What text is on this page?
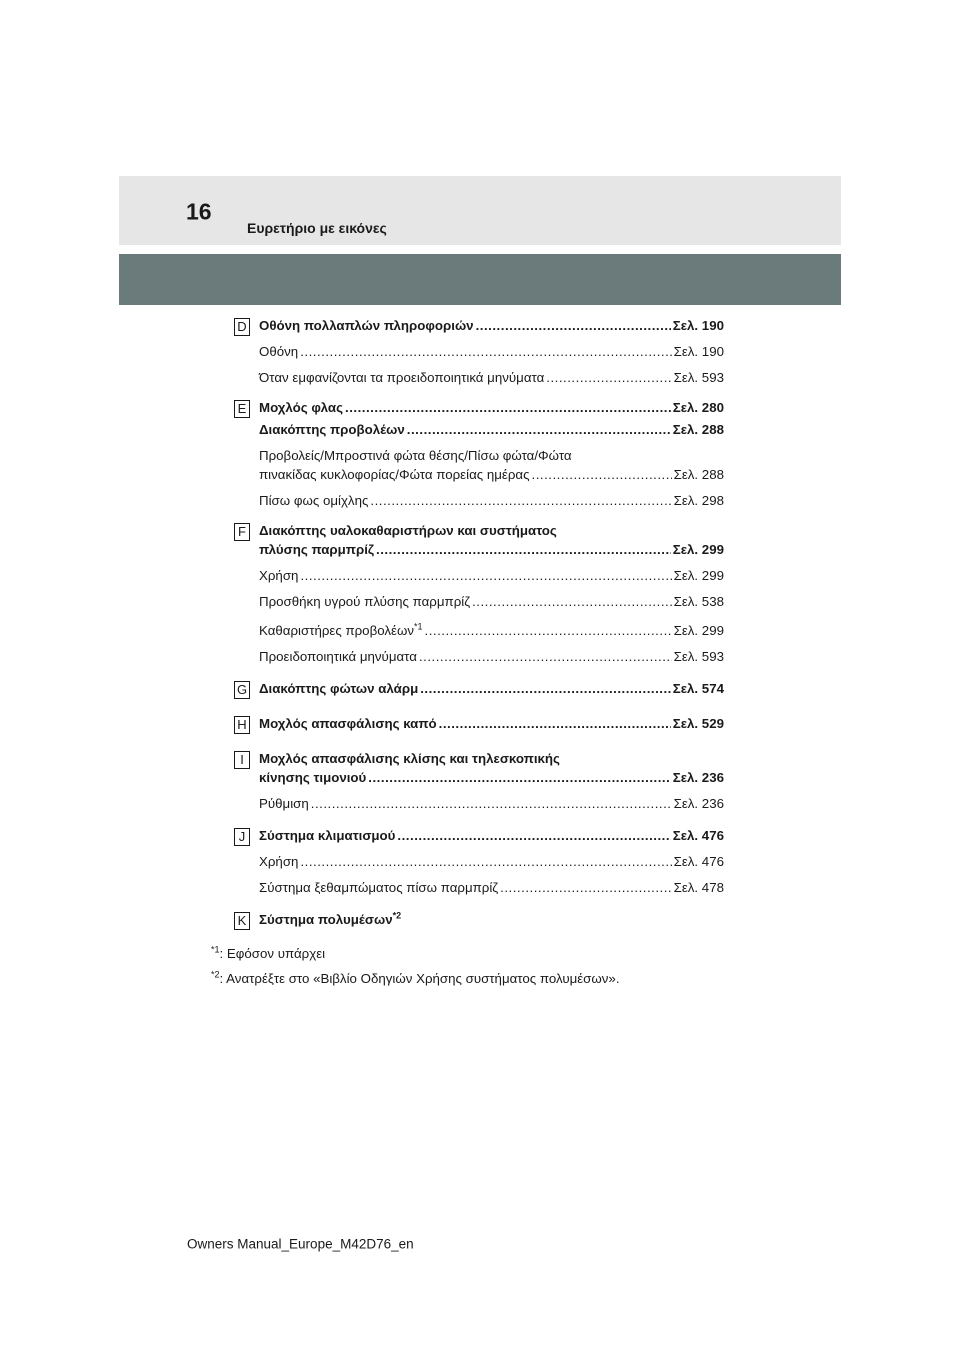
16
Ευρετήριο με εικόνες
D Οθόνη πολλαπλών πληροφοριών .....	Σελ. 190
Οθόνη .....	Σελ. 190
Όταν εμφανίζονται τα προειδοποιητικά μηνύματα .....	Σελ. 593
E Μοχλός φλας .....	Σελ. 280
Διακόπτης προβολέων .....	Σελ. 288
Προβολείς/Μπροστινά φώτα θέσης/Πίσω φώτα/Φώτα
πινακίδας κυκλοφορίας/Φώτα πορείας ημέρας .....	Σελ. 288
Πίσω φως ομίχλης .....	Σελ. 298
F Διακόπτης υαλοκαθαριστήρων και συστήματος
πλύσης παρμπρίζ .....	Σελ. 299
Χρήση .....	Σελ. 299
Προσθήκη υγρού πλύσης παρμπρίζ .....	Σελ. 538
Καθαριστήρες προβολέων$^{*1}$ .....	Σελ. 299
Προειδοποιητικά μηνύματα .....	Σελ. 593
G Διακόπτης φώτων αλάρμ .....	Σελ. 574
H Μοχλός απασφάλισης καπό .....	Σελ. 529
I	Μοχλός απασφάλισης κλίσης και τηλεσκοπικής
κίνησης τιμονιού .....	Σελ. 236
Ρύθμιση .....	Σελ. 236
J	Σύστημα κλιματισμού .....	Σελ. 476
Χρήση .....	Σελ. 476
Σύστημα ξεθαμπώματος πίσω παρμπρίζ .....	Σελ. 478
K Σύστημα πολυμέσων$^{*2}$
$^{*1}$: Εφόσον υπάρχει
$^{*2}$: Ανατρέξτε στο «Βιβλίο Οδηγιών Χρήσης συστήματος πολυμέσων».
Owners Manual_Europe_M42D76_en
